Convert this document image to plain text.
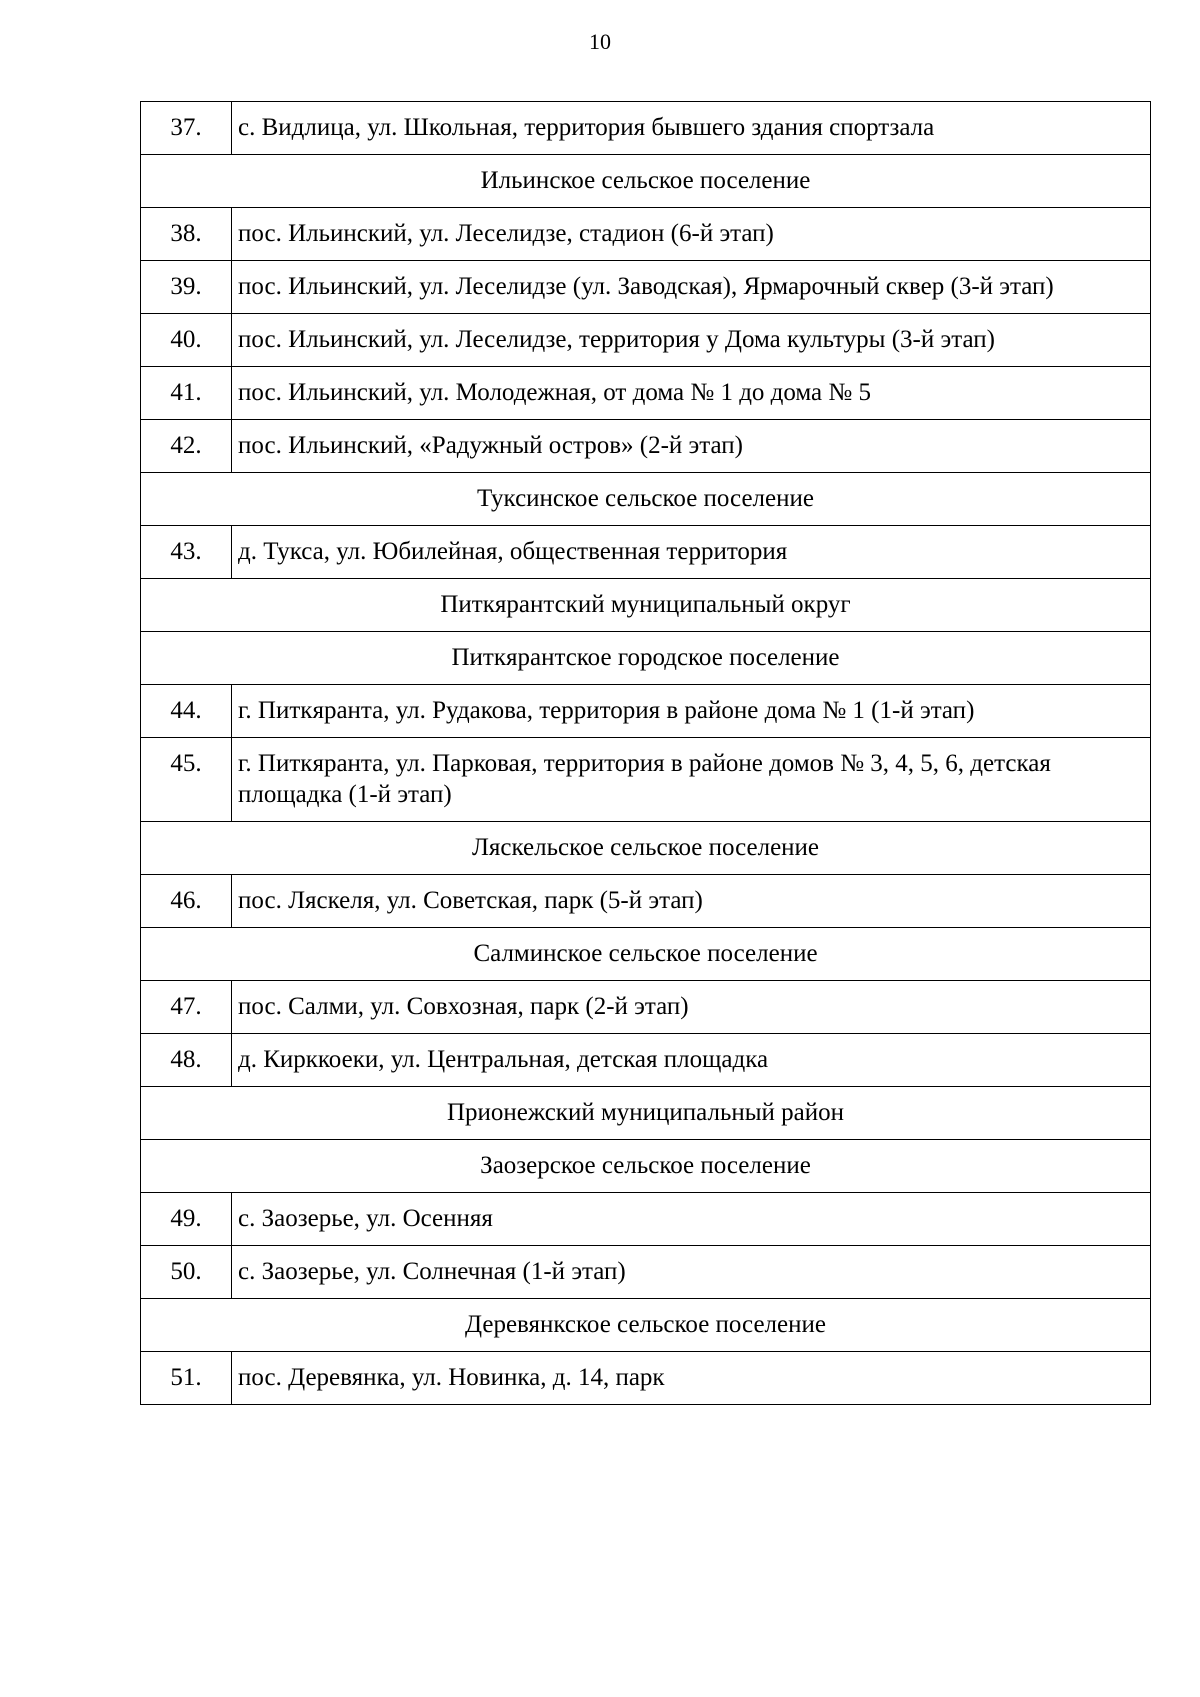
10
37.	с. Видлица, ул. Школьная, территория бывшего здания спортзала
Ильинское сельское поселение	
38.	пос. Ильинский, ул. Леселидзе, стадион (6-й этап)
39.	пос. Ильинский, ул. Леселидзе (ул. Заводская), Ярмарочный сквер (3-й этап)
40.	пос. Ильинский, ул. Леселидзе, территория у Дома культуры (3-й этап)
41.	пос. Ильинский, ул. Молодежная, от дома № 1 до дома № 5
42.	пос. Ильинский, «Радужный остров» (2-й этап)
Туксинское сельское поселение	
43.	д. Тукса, ул. Юбилейная, общественная территория
Питкярантский муниципальный округ	
Питкярантское городское поселение	
44.	г. Питкяранта, ул. Рудакова, территория в районе дома № 1 (1-й этап)
45.	г. Питкяранта, ул. Парковая, территория в районе домов № 3, 4, 5, 6, детская площадка (1-й этап)
Ляскельское сельское поселение	
46.	пос. Ляскеля, ул. Советская, парк (5-й этап)
Салминское сельское поселение	
47.	пос. Салми, ул. Совхозная, парк (2-й этап)
48.	д. Кирккоеки, ул. Центральная, детская площадка
Прионежский муниципальный район	
Заозерское сельское поселение	
49.	с. Заозерье, ул. Осенняя
50.	с. Заозерье, ул. Солнечная (1-й этап)
Деревянкское сельское поселение	
51.	пос. Деревянка, ул. Новинка, д. 14, парк
